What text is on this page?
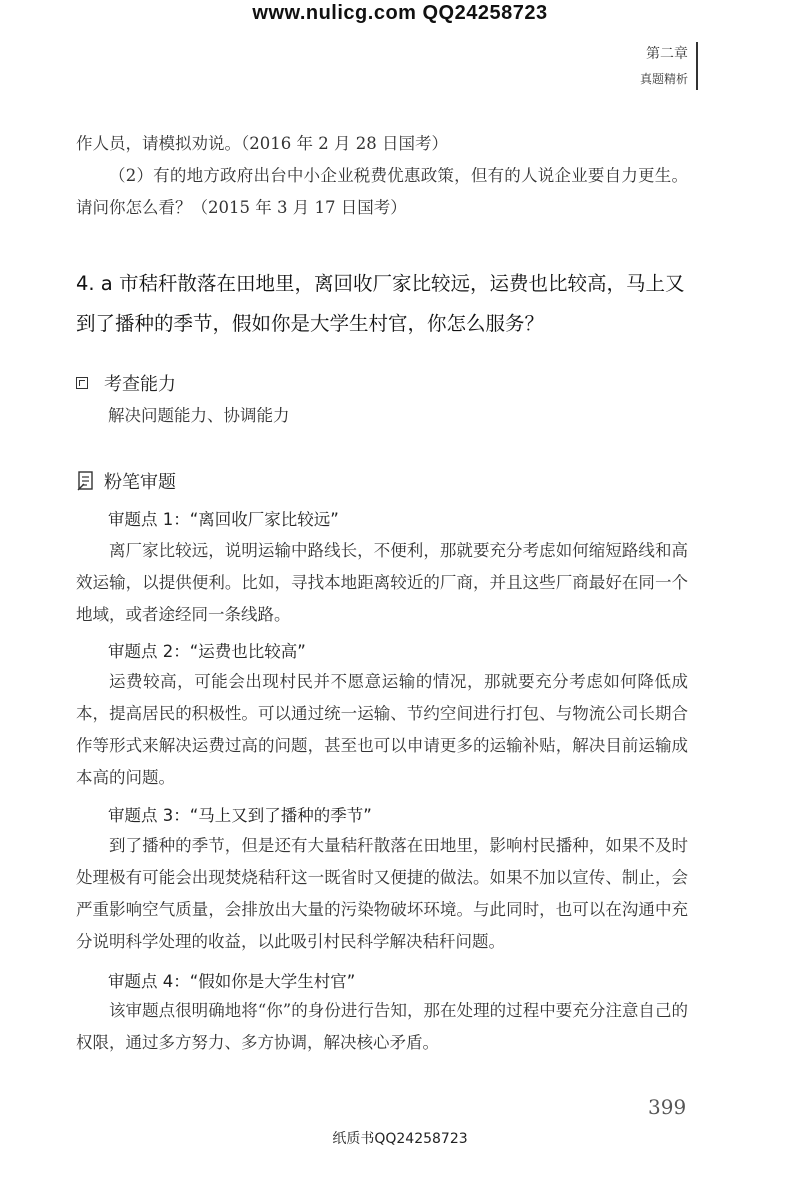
www.nulicg.com QQ24258723
第二章
真题精析
作人员，请模拟劝说。（2016 年 2 月 28 日国考）
（2）有的地方政府出台中小企业税费优惠政策，但有的人说企业要自力更生。请问你怎么看？（2015 年 3 月 17 日国考）
4. a 市秸秆散落在田地里，离回收厂家比较远，运费也比较高，马上又到了播种的季节，假如你是大学生村官，你怎么服务？
考查能力
解决问题能力、协调能力
粉笔审题
审题点 1：“离回收厂家比较远”
离厂家比较远，说明运输中路线长，不便利，那就要充分考虑如何缩短路线和高效运输，以提供便利。比如，寻找本地距离较近的厂商，并且这些厂商最好在同一个地域，或者途经同一条线路。
审题点 2：“运费也比较高”
运费较高，可能会出现村民并不愿意运输的情况，那就要充分考虑如何降低成本，提高居民的积极性。可以通过统一运输、节约空间进行打包、与物流公司长期合作等形式来解决运费过高的问题，甚至也可以申请更多的运输补贴，解决目前运输成本高的问题。
审题点 3：“马上又到了播种的季节”
到了播种的季节，但是还有大量秸秆散落在田地里，影响村民播种，如果不及时处理极有可能会出现焚烧秸秆这一既省时又便捷的做法。如果不加以宣传、制止，会严重影响空气质量，会排放出大量的污染物破坏环境。与此同时，也可以在沟通中充分说明科学处理的收益，以此吸引村民科学解决秸秆问题。
审题点 4：“假如你是大学生村官”
该审题点很明确地将“你”的身份进行告知，那在处理的过程中要充分注意自己的权限，通过多方努力、多方协调，解决核心矛盾。
399
纸质书QQ24258723
